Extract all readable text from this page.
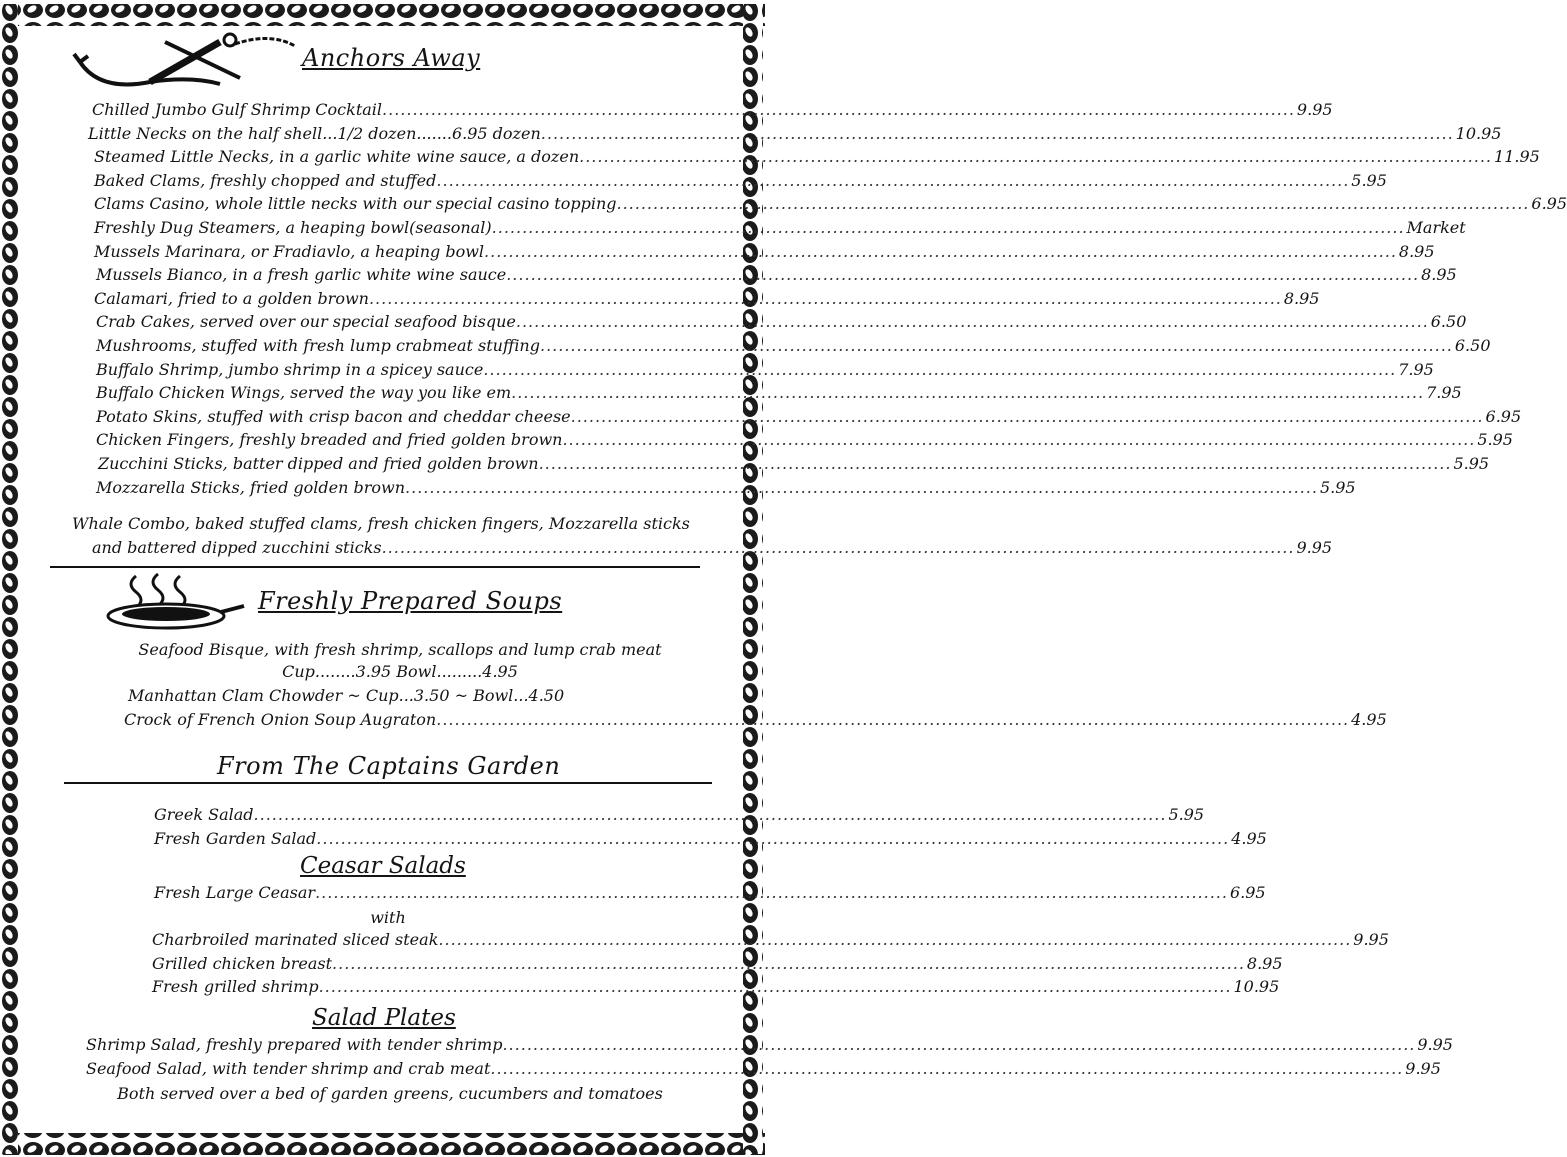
Anchors Away
Chilled Jumbo Gulf Shrimp Cocktail ...................................................................................................................................................... 9.95
Little Necks on the half shell...1/2 dozen.......6.95 dozen ...................................................................................................................................................... 10.95
Steamed Little Necks, in a garlic white wine sauce, a dozen ...................................................................................................................................................... 11.95
Baked Clams, freshly chopped and stuffed ...................................................................................................................................................... 5.95
Clams Casino, whole little necks with our special casino topping ...................................................................................................................................................... 6.95
Freshly Dug Steamers, a heaping bowl(seasonal) ...................................................................................................................................................... Market
Mussels Marinara, or Fradiavlo, a heaping bowl ...................................................................................................................................................... 8.95
Mussels Bianco, in a fresh garlic white wine sauce ...................................................................................................................................................... 8.95
Calamari, fried to a golden brown ...................................................................................................................................................... 8.95
Crab Cakes, served over our special seafood bisque ...................................................................................................................................................... 6.50
Mushrooms, stuffed with fresh lump crabmeat stuffing ...................................................................................................................................................... 6.50
Buffalo Shrimp, jumbo shrimp in a spicey sauce ...................................................................................................................................................... 7.95
Buffalo Chicken Wings, served the way you like em ...................................................................................................................................................... 7.95
Potato Skins, stuffed with crisp bacon and cheddar cheese ...................................................................................................................................................... 6.95
Chicken Fingers, freshly breaded and fried golden brown ...................................................................................................................................................... 5.95
Zucchini Sticks, batter dipped and fried golden brown ...................................................................................................................................................... 5.95
Mozzarella Sticks, fried golden brown ...................................................................................................................................................... 5.95
Whale Combo, baked stuffed clams, fresh chicken fingers, Mozzarella sticks
and battered dipped zucchini sticks ...................................................................................................................................................... 9.95
Freshly Prepared Soups
Seafood Bisque, with fresh shrimp, scallops and lump crab meat
Cup........3.95 Bowl.........4.95
Manhattan Clam Chowder ~ Cup...3.50 ~ Bowl...4.50
Crock of French Onion Soup Augraton ...................................................................................................................................................... 4.95
From The Captains Garden
Greek Salad ...................................................................................................................................................... 5.95
Fresh Garden Salad ...................................................................................................................................................... 4.95
Ceasar Salads
Fresh Large Ceasar ...................................................................................................................................................... 6.95
with
Charbroiled marinated sliced steak ...................................................................................................................................................... 9.95
Grilled chicken breast ...................................................................................................................................................... 8.95
Fresh grilled shrimp ...................................................................................................................................................... 10.95
Salad Plates
Shrimp Salad, freshly prepared with tender shrimp ...................................................................................................................................................... 9.95
Seafood Salad, with tender shrimp and crab meat ...................................................................................................................................................... 9.95
Both served over a bed of garden greens, cucumbers and tomatoes
